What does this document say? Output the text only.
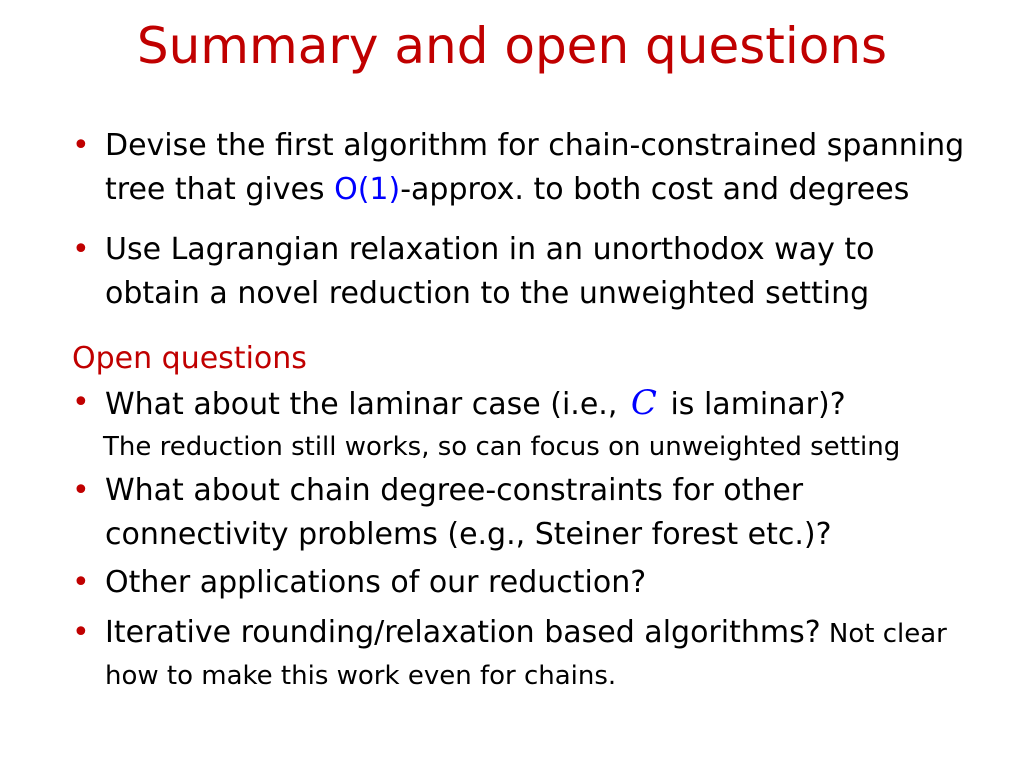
Summary and open questions
• Devise the first algorithm for chain-constrained spanning
tree that gives O(1)-approx. to both cost and degrees
• Use Lagrangian relaxation in an unorthodox way to
obtain a novel reduction to the unweighted setting
Open questions
• What about the laminar case (i.e., C is laminar)?
The reduction still works, so can focus on unweighted setting
• What about chain degree-constraints for other
connectivity problems (e.g., Steiner forest etc.)?
• Other applications of our reduction?
• Iterative rounding/relaxation based algorithms? Not clear
how to make this work even for chains.
